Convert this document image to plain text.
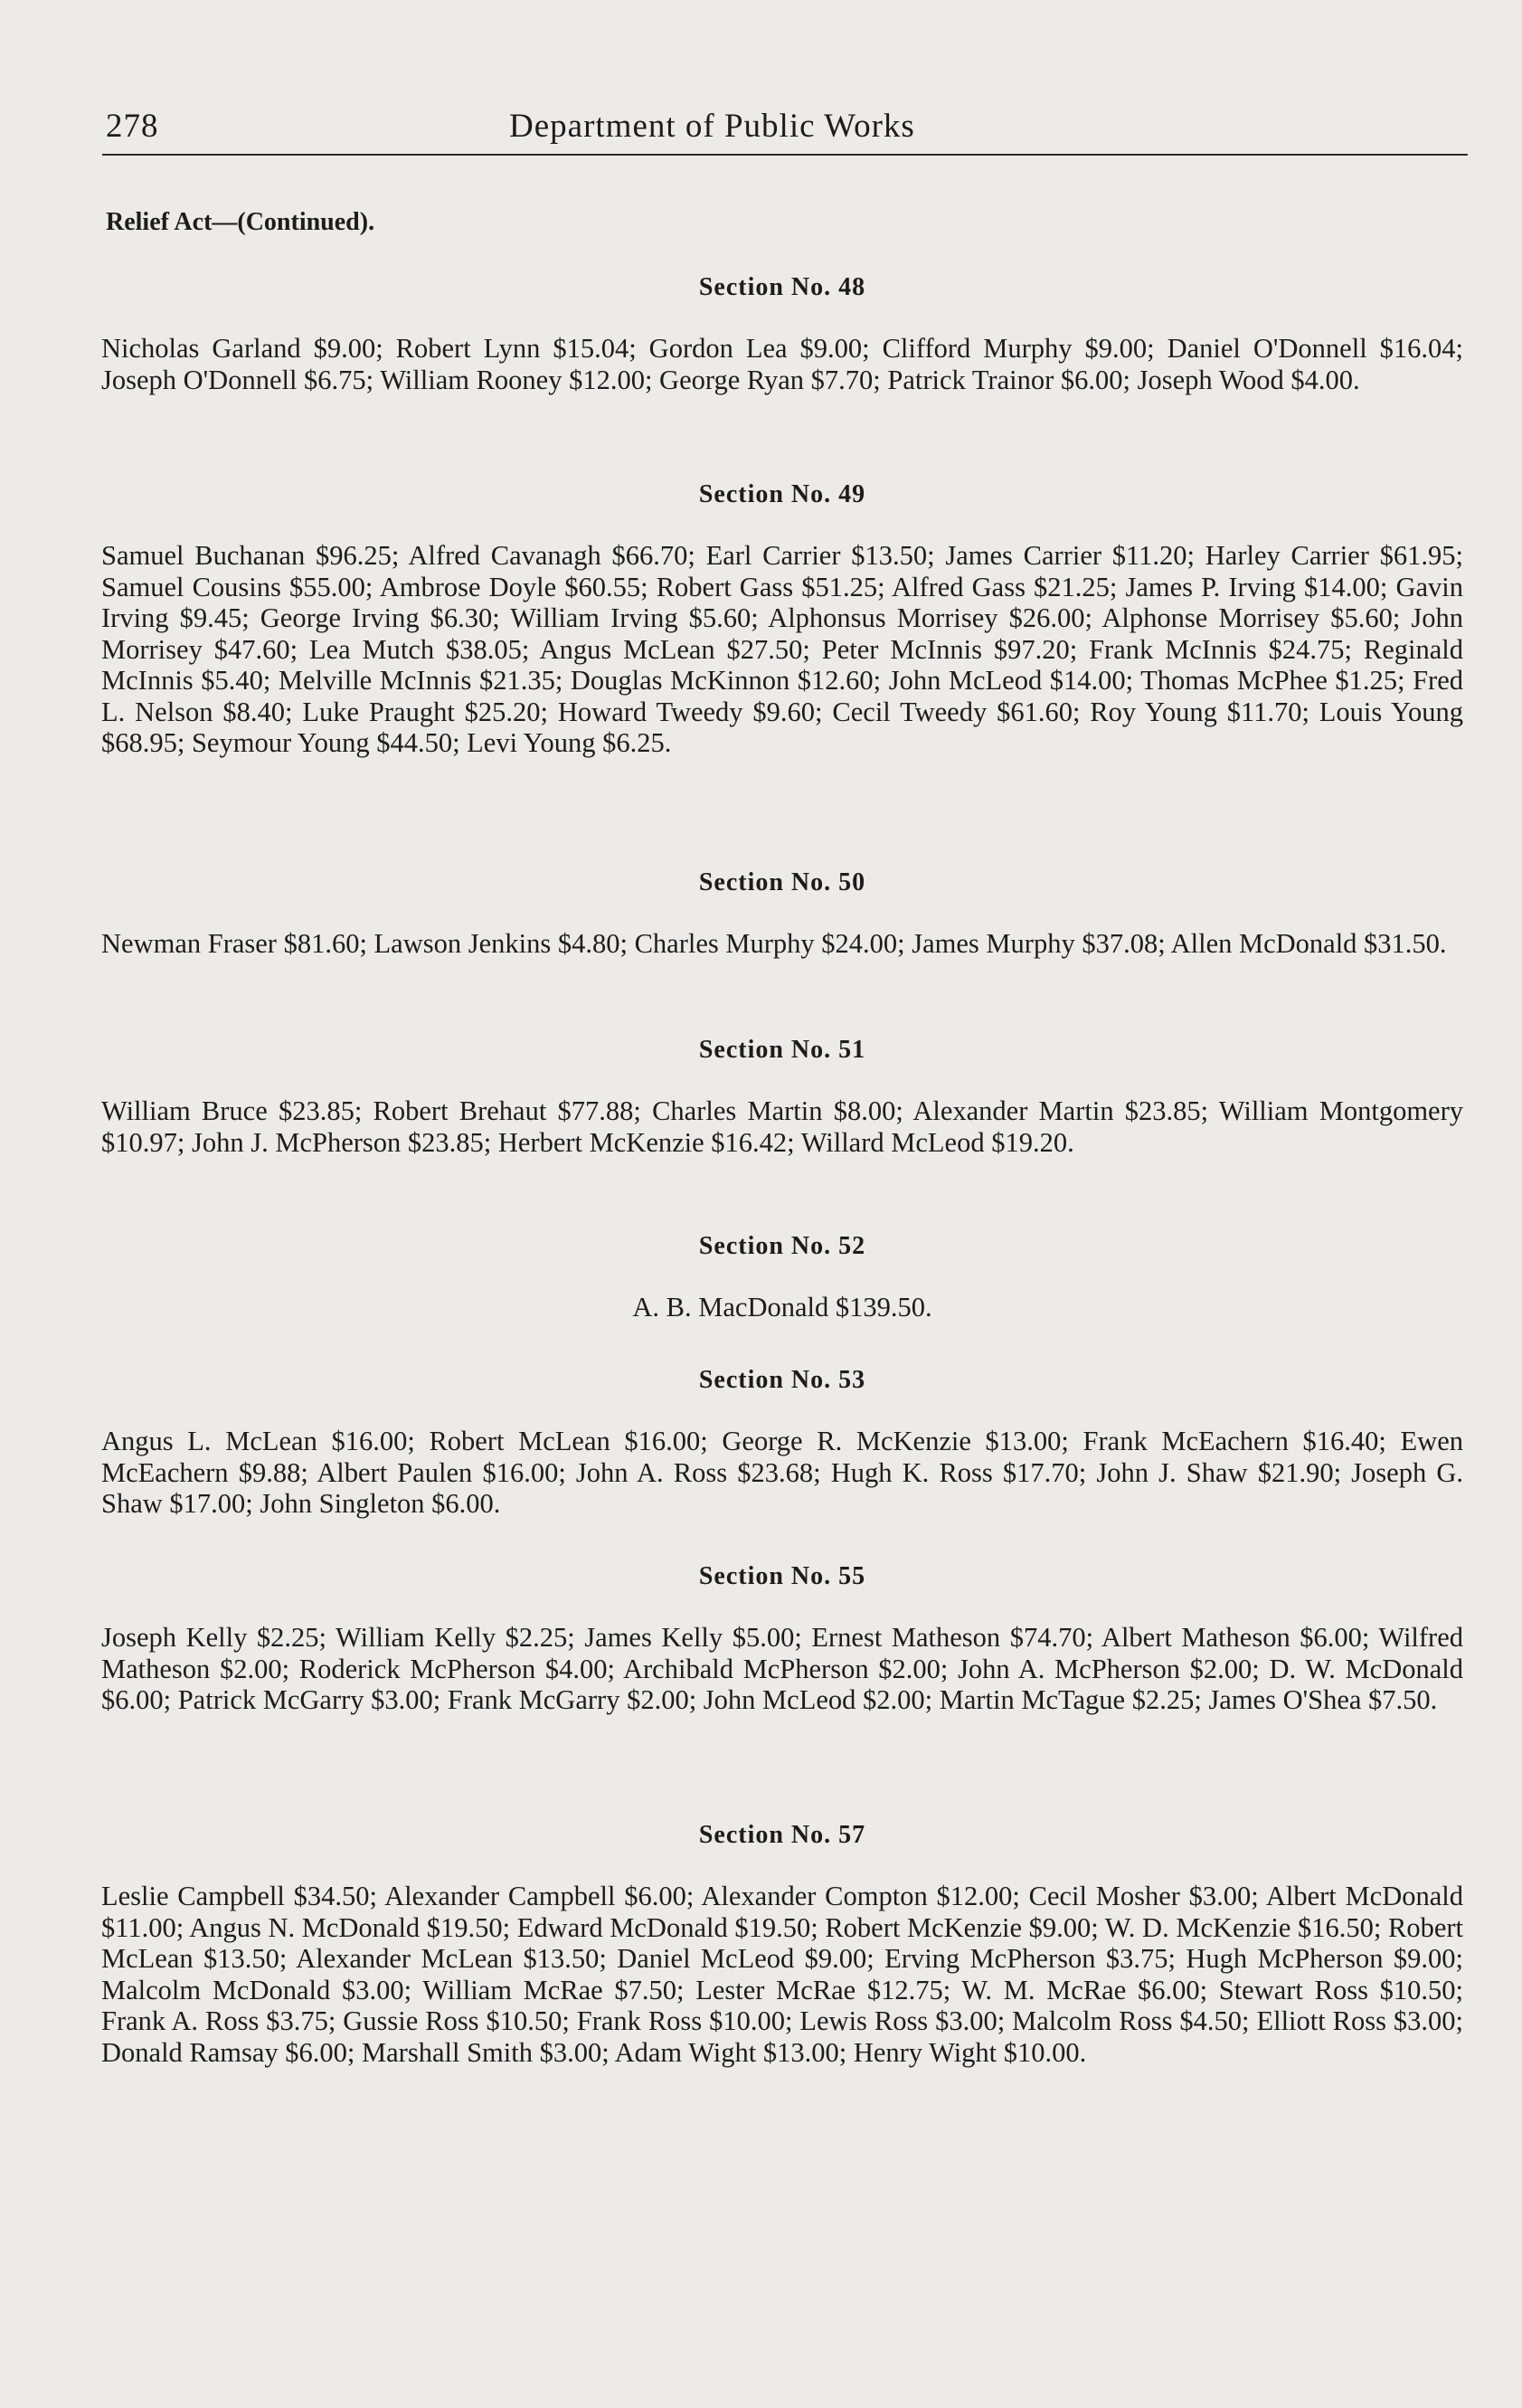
278	Department of Public Works
Relief Act—(Continued).
Section No. 48

Nicholas Garland $9.00; Robert Lynn $15.04; Gordon Lea $9.00; Clifford Murphy $9.00; Daniel O'Donnell $16.04; Joseph O'Donnell $6.75; William Rooney $12.00; George Ryan $7.70; Patrick Trainor $6.00; Joseph Wood $4.00.

Section No. 49

Samuel Buchanan $96.25; Alfred Cavanagh $66.70; Earl Carrier $13.50; James Carrier $11.20; Harley Carrier $61.95; Samuel Cousins $55.00; Ambrose Doyle $60.55; Robert Gass $51.25; Alfred Gass $21.25; James P. Irving $14.00; Gavin Irving $9.45; George Irving $6.30; William Irving $5.60; Alphonsus Morrisey $26.00; Alphonse Morrisey $5.60; John Morrisey $47.60; Lea Mutch $38.05; Angus McLean $27.50; Peter McInnis $97.20; Frank McInnis $24.75; Reginald McInnis $5.40; Melville McInnis $21.35; Douglas McKinnon $12.60; John McLeod $14.00; Thomas McPhee $1.25; Fred L. Nelson $8.40; Luke Praught $25.20; Howard Tweedy $9.60; Cecil Tweedy $61.60; Roy Young $11.70; Louis Young $68.95; Seymour Young $44.50; Levi Young $6.25.

Section No. 50

Newman Fraser $81.60; Lawson Jenkins $4.80; Charles Murphy $24.00; James Murphy $37.08; Allen McDonald $31.50.

Section No. 51

William Bruce $23.85; Robert Brehaut $77.88; Charles Martin $8.00; Alexander Martin $23.85; William Montgomery $10.97; John J. McPherson $23.85; Herbert McKenzie $16.42; Willard McLeod $19.20.

Section No. 52

A. B. MacDonald $139.50.

Section No. 53

Angus L. McLean $16.00; Robert McLean $16.00; George R. McKenzie $13.00; Frank McEachern $16.40; Ewen McEachern $9.88; Albert Paulen $16.00; John A. Ross $23.68; Hugh K. Ross $17.70; John J. Shaw $21.90; Joseph G. Shaw $17.00; John Singleton $6.00.

Section No. 55

Joseph Kelly $2.25; William Kelly $2.25; James Kelly $5.00; Ernest Matheson $74.70; Albert Matheson $6.00; Wilfred Matheson $2.00; Roderick McPherson $4.00; Archibald McPherson $2.00; John A. McPherson $2.00; D. W. McDonald $6.00; Patrick McGarry $3.00; Frank McGarry $2.00; John McLeod $2.00; Martin McTague $2.25; James O'Shea $7.50.

Section No. 57

Leslie Campbell $34.50; Alexander Campbell $6.00; Alexander Compton $12.00; Cecil Mosher $3.00; Albert McDonald $11.00; Angus N. McDonald $19.50; Edward McDonald $19.50; Robert McKenzie $9.00; W. D. McKenzie $16.50; Robert McLean $13.50; Alexander McLean $13.50; Daniel McLeod $9.00; Erving McPherson $3.75; Hugh McPherson $9.00; Malcolm McDonald $3.00; William McRae $7.50; Lester McRae $12.75; W. M. McRae $6.00; Stewart Ross $10.50; Frank A. Ross $3.75; Gussie Ross $10.50; Frank Ross $10.00; Lewis Ross $3.00; Malcolm Ross $4.50; Elliott Ross $3.00; Donald Ramsay $6.00; Marshall Smith $3.00; Adam Wight $13.00; Henry Wight $10.00.
